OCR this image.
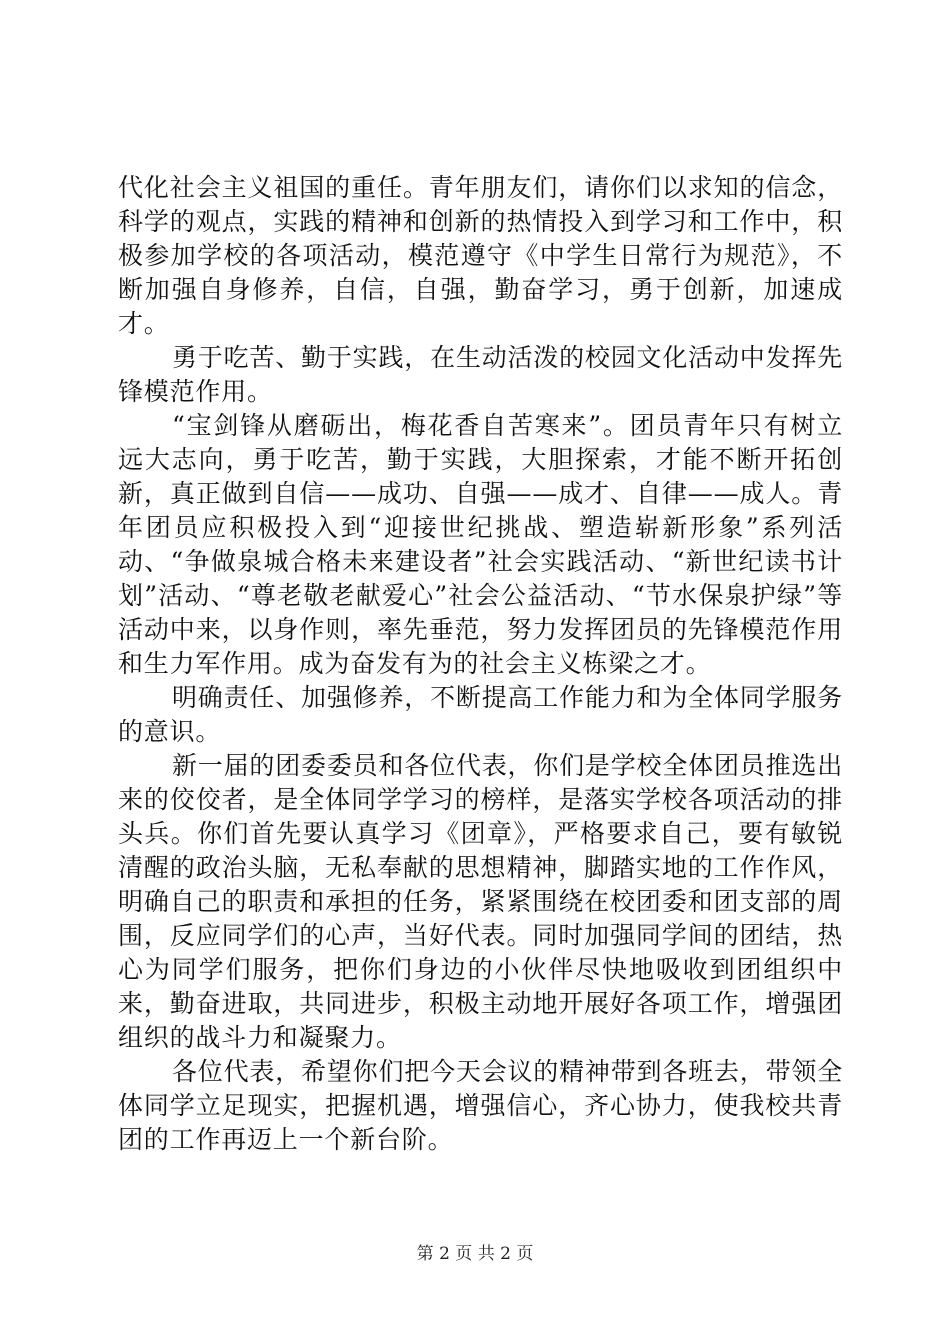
代化社会主义祖国的重任。青年朋友们，请你们以求知的信念，科学的观点，实践的精神和创新的热情投入到学习和工作中，积极参加学校的各项活动，模范遵守《中学生日常行为规范》，不断加强自身修养，自信，自强，勤奋学习，勇于创新，加速成才。

勇于吃苦、勤于实践，在生动活泼的校园文化活动中发挥先锋模范作用。

“宝剑锋从磨砺出，梅花香自苦寒来”。团员青年只有树立远大志向，勇于吃苦，勤于实践，大胆探索，才能不断开拓创新，真正做到自信——成功、自强——成才、自律——成人。青年团员应积极投入到“迎接世纪挑战、塑造崭新形象”系列活动、“争做泉城合格未来建设者”社会实践活动、“新世纪读书计划”活动、“尊老敬老献爱心”社会公益活动、“节水保泉护绿”等活动中来，以身作则，率先垂范，努力发挥团员的先锋模范作用和生力军作用。成为奋发有为的社会主义栋梁之才。

明确责任、加强修养，不断提高工作能力和为全体同学服务的意识。

新一届的团委委员和各位代表，你们是学校全体团员推选出来的佼佼者，是全体同学学习的榜样，是落实学校各项活动的排头兵。你们首先要认真学习《团章》，严格要求自己，要有敏锐清醒的政治头脑，无私奉献的思想精神，脚踏实地的工作作风，明确自己的职责和承担的任务，紧紧围绕在校团委和团支部的周围，反应同学们的心声，当好代表。同时加强同学间的团结，热心为同学们服务，把你们身边的小伙伴尽快地吸收到团组织中来，勤奋进取，共同进步，积极主动地开展好各项工作，增强团组织的战斗力和凝聚力。

各位代表，希望你们把今天会议的精神带到各班去，带领全体同学立足现实，把握机遇，增强信心，齐心协力，使我校共青团的工作再迈上一个新台阶。

第 2 页 共 2 页
